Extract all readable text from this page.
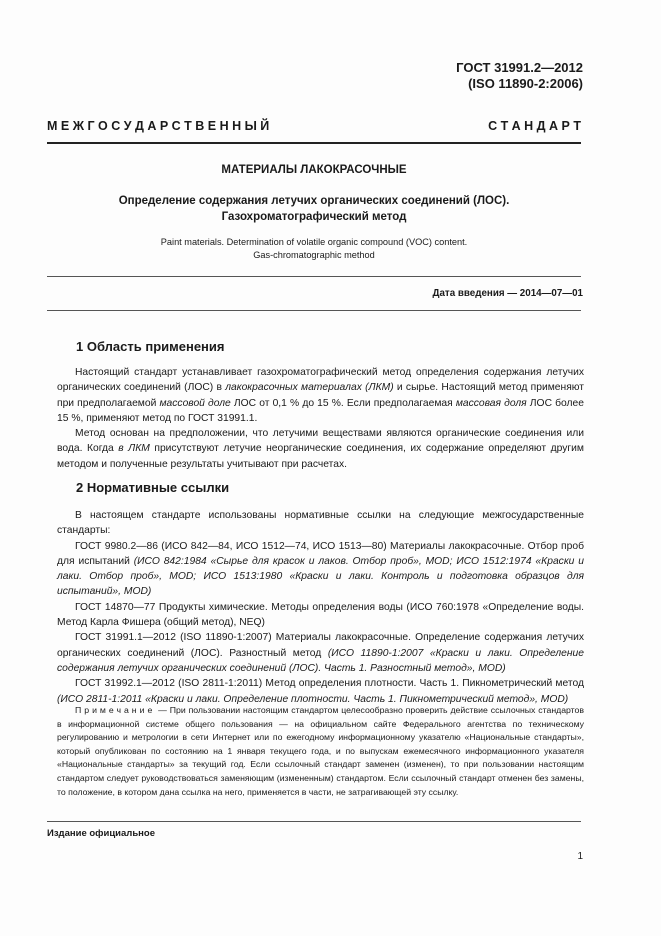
ГОСТ 31991.2—2012
(ISO 11890-2:2006)
М Е Ж Г О С У Д А Р С Т В Е Н Н Ы Й	С Т А Н Д А Р Т
МАТЕРИАЛЫ ЛАКОКРАСОЧНЫЕ
Определение содержания летучих органических соединений (ЛОС).
Газохроматографический метод
Paint materials. Determination of volatile organic compound (VOC) content.
Gas-chromatographic method
Дата введения — 2014—07—01
1 Область применения

Настоящий стандарт устанавливает газохроматографический метод определения содержания летучих органических соединений (ЛОС) в лакокрасочных материалах (ЛКМ) и сырье. Настоящий метод применяют при предполагаемой массовой доле ЛОС от 0,1 % до 15 %. Если предполагаемая массовая доля ЛОС более 15 %, применяют метод по ГОСТ 31991.1.

Метод основан на предположении, что летучими веществами являются органические соединения или вода. Когда в ЛКМ присутствуют летучие неорганические соединения, их содержание определяют другим методом и полученные результаты учитывают при расчетах.

2 Нормативные ссылки

В настоящем стандарте использованы нормативные ссылки на следующие межгосударственные стандарты:

ГОСТ 9980.2—86 (ИСО 842—84, ИСО 1512—74, ИСО 1513—80) Материалы лакокрасочные. Отбор проб для испытаний (ИСО 842:1984 «Сырье для красок и лаков. Отбор проб», MOD; ИСО 1512:1974 «Краски и лаки. Отбор проб», MOD; ИСО 1513:1980 «Краски и лаки. Контроль и подготовка образцов для испытаний», MOD)

ГОСТ 14870—77 Продукты химические. Методы определения воды (ИСО 760:1978 «Определение воды. Метод Карла Фишера (общий метод), NEQ)

ГОСТ 31991.1—2012 (ISO 11890-1:2007) Материалы лакокрасочные. Определение содержания летучих органических соединений (ЛОС). Разностный метод (ИСО 11890-1:2007 «Краски и лаки. Определение содержания летучих органических соединений (ЛОС). Часть 1. Разностный метод», MOD)

ГОСТ 31992.1—2012 (ISO 2811-1:2011) Метод определения плотности. Часть 1. Пикнометрический метод (ИСО 2811-1:2011 «Краски и лаки. Определение плотности. Часть 1. Пикнометрический метод», MOD)

Примечание — При пользовании настоящим стандартом целесообразно проверить действие ссылочных стандартов в информационной системе общего пользования — на официальном сайте Федерального агентства по техническому регулированию и метрологии в сети Интернет или по ежегодному информационному указателю «Национальные стандарты», который опубликован по состоянию на 1 января текущего года, и по выпускам ежемесячного информационного указателя «Национальные стандарты» за текущий год. Если ссылочный стандарт заменен (изменен), то при пользовании настоящим стандартом следует руководствоваться заменяющим (измененным) стандартом. Если ссылочный стандарт отменен без замены, то положение, в котором дана ссылка на него, применяется в части, не затрагивающей эту ссылку.
Издание официальное
1
